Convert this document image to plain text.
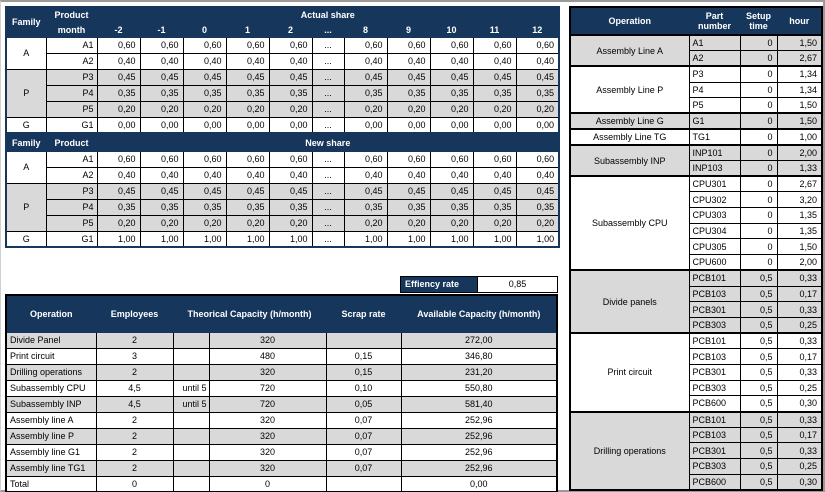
Family	Product	Actual share										
	month	-2	-1	0	1	2	...	8	9	10	11	12
A	A1	0,60	0,60	0,60	0,60	0,60	...	0,60	0,60	0,60	0,60	0,60
	A2	0,40	0,40	0,40	0,40	0,40	...	0,40	0,40	0,40	0,40	0,40
P	P3	0,45	0,45	0,45	0,45	0,45	...	0,45	0,45	0,45	0,45	0,45
	P4	0,35	0,35	0,35	0,35	0,35	...	0,35	0,35	0,35	0,35	0,35
	P5	0,20	0,20	0,20	0,20	0,20	...	0,20	0,20	0,20	0,20	0,20
G	G1	0,00	0,00	0,00	0,00	0,00	...	0,00	0,00	0,00	0,00	0,00
Family	Product	New share										
A	A1	0,60	0,60	0,60	0,60	0,60	...	0,60	0,60	0,60	0,60	0,60
	A2	0,40	0,40	0,40	0,40	0,40	...	0,40	0,40	0,40	0,40	0,40
P	P3	0,45	0,45	0,45	0,45	0,45	...	0,45	0,45	0,45	0,45	0,45
	P4	0,35	0,35	0,35	0,35	0,35	...	0,35	0,35	0,35	0,35	0,35
	P5	0,20	0,20	0,20	0,20	0,20	...	0,20	0,20	0,20	0,20	0,20
G	G1	1,00	1,00	1,00	1,00	1,00	...	1,00	1,00	1,00	1,00	1,00
Effiency rate	0,85
Operation	Employees	Theorical Capacity (h/month)		Scrap rate	Available Capacity (h/month)
Divide Panel	2		320		272,00
Print circuit	3		480	0,15	346,80
Drilling operations	2		320	0,15	231,20
Subassembly CPU	4,5	until 5	720	0,10	550,80
Subassembly INP	4,5	until 5	720	0,05	581,40
Assembly line A	2		320	0,07	252,96
Assembly line P	2		320	0,07	252,96
Assembly line G1	2		320	0,07	252,96
Assembly line TG1	2		320	0,07	252,96
Total	0		0		0,00
Operation	Part number	Setup time	hour
Assembly Line A	A1	0	1,50
	A2	0	2,67
Assembly Line P	P3	0	1,34
	P4	0	1,34
	P5	0	1,50
Assembly Line G	G1	0	1,50
Assembly Line TG	TG1	0	1,00
Subassembly INP	INP101	0	2,00
	INP103	0	1,33
Subassembly CPU	CPU301	0	2,67
	CPU302	0	3,20
	CPU303	0	1,35
	CPU304	0	1,35
	CPU305	0	1,50
	CPU600	0	2,00
Divide panels	PCB101	0,5	0,33
	PCB103	0,5	0,17
	PCB301	0,5	0,33
	PCB303	0,5	0,25
Print circuit	PCB101	0,5	0,33
	PCB103	0,5	0,17
	PCB301	0,5	0,33
	PCB303	0,5	0,25
	PCB600	0,5	0,30
Drilling operations	PCB101	0,5	0,33
	PCB103	0,5	0,17
	PCB301	0,5	0,33
	PCB303	0,5	0,25
	PCB600	0,5	0,30
